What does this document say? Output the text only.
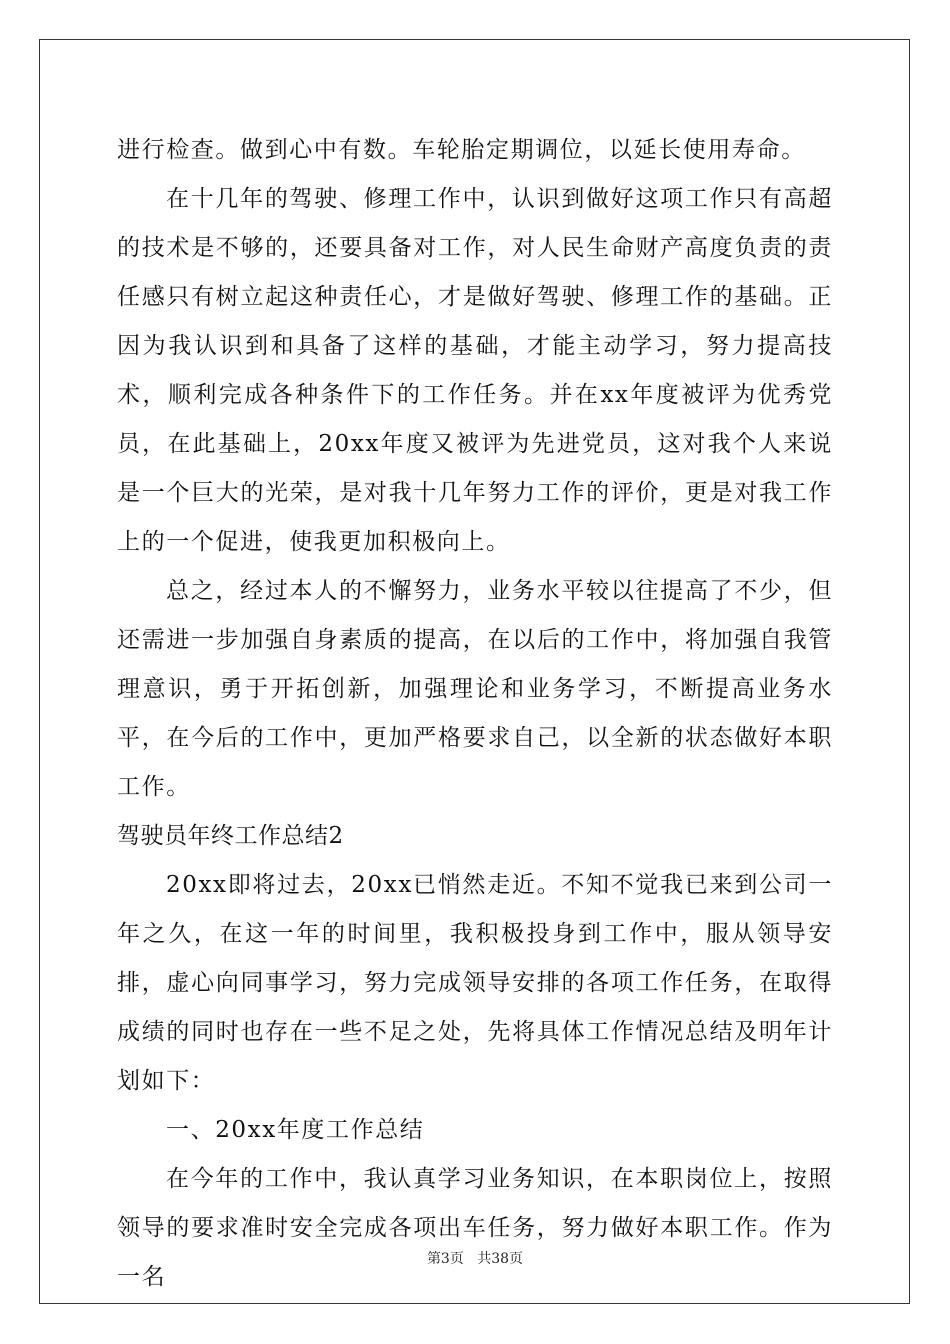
进行检查。做到心中有数。车轮胎定期调位，以延长使用寿命。

在十几年的驾驶、修理工作中，认识到做好这项工作只有高超的技术是不够的，还要具备对工作，对人民生命财产高度负责的责任感只有树立起这种责任心，才是做好驾驶、修理工作的基础。正因为我认识到和具备了这样的基础，才能主动学习，努力提高技术，顺利完成各种条件下的工作任务。并在xx年度被评为优秀党员，在此基础上，20xx年度又被评为先进党员，这对我个人来说是一个巨大的光荣，是对我十几年努力工作的评价，更是对我工作上的一个促进，使我更加积极向上。

总之，经过本人的不懈努力，业务水平较以往提高了不少，但还需进一步加强自身素质的提高，在以后的工作中，将加强自我管理意识，勇于开拓创新，加强理论和业务学习，不断提高业务水平，在今后的工作中，更加严格要求自己，以全新的状态做好本职工作。

驾驶员年终工作总结2

20xx即将过去，20xx已悄然走近。不知不觉我已来到公司一年之久，在这一年的时间里，我积极投身到工作中，服从领导安排，虚心向同事学习，努力完成领导安排的各项工作任务，在取得成绩的同时也存在一些不足之处，先将具体工作情况总结及明年计划如下：

一、20xx年度工作总结

在今年的工作中，我认真学习业务知识，在本职岗位上，按照领导的要求准时安全完成各项出车任务，努力做好本职工作。作为一名

第3页 共38页
